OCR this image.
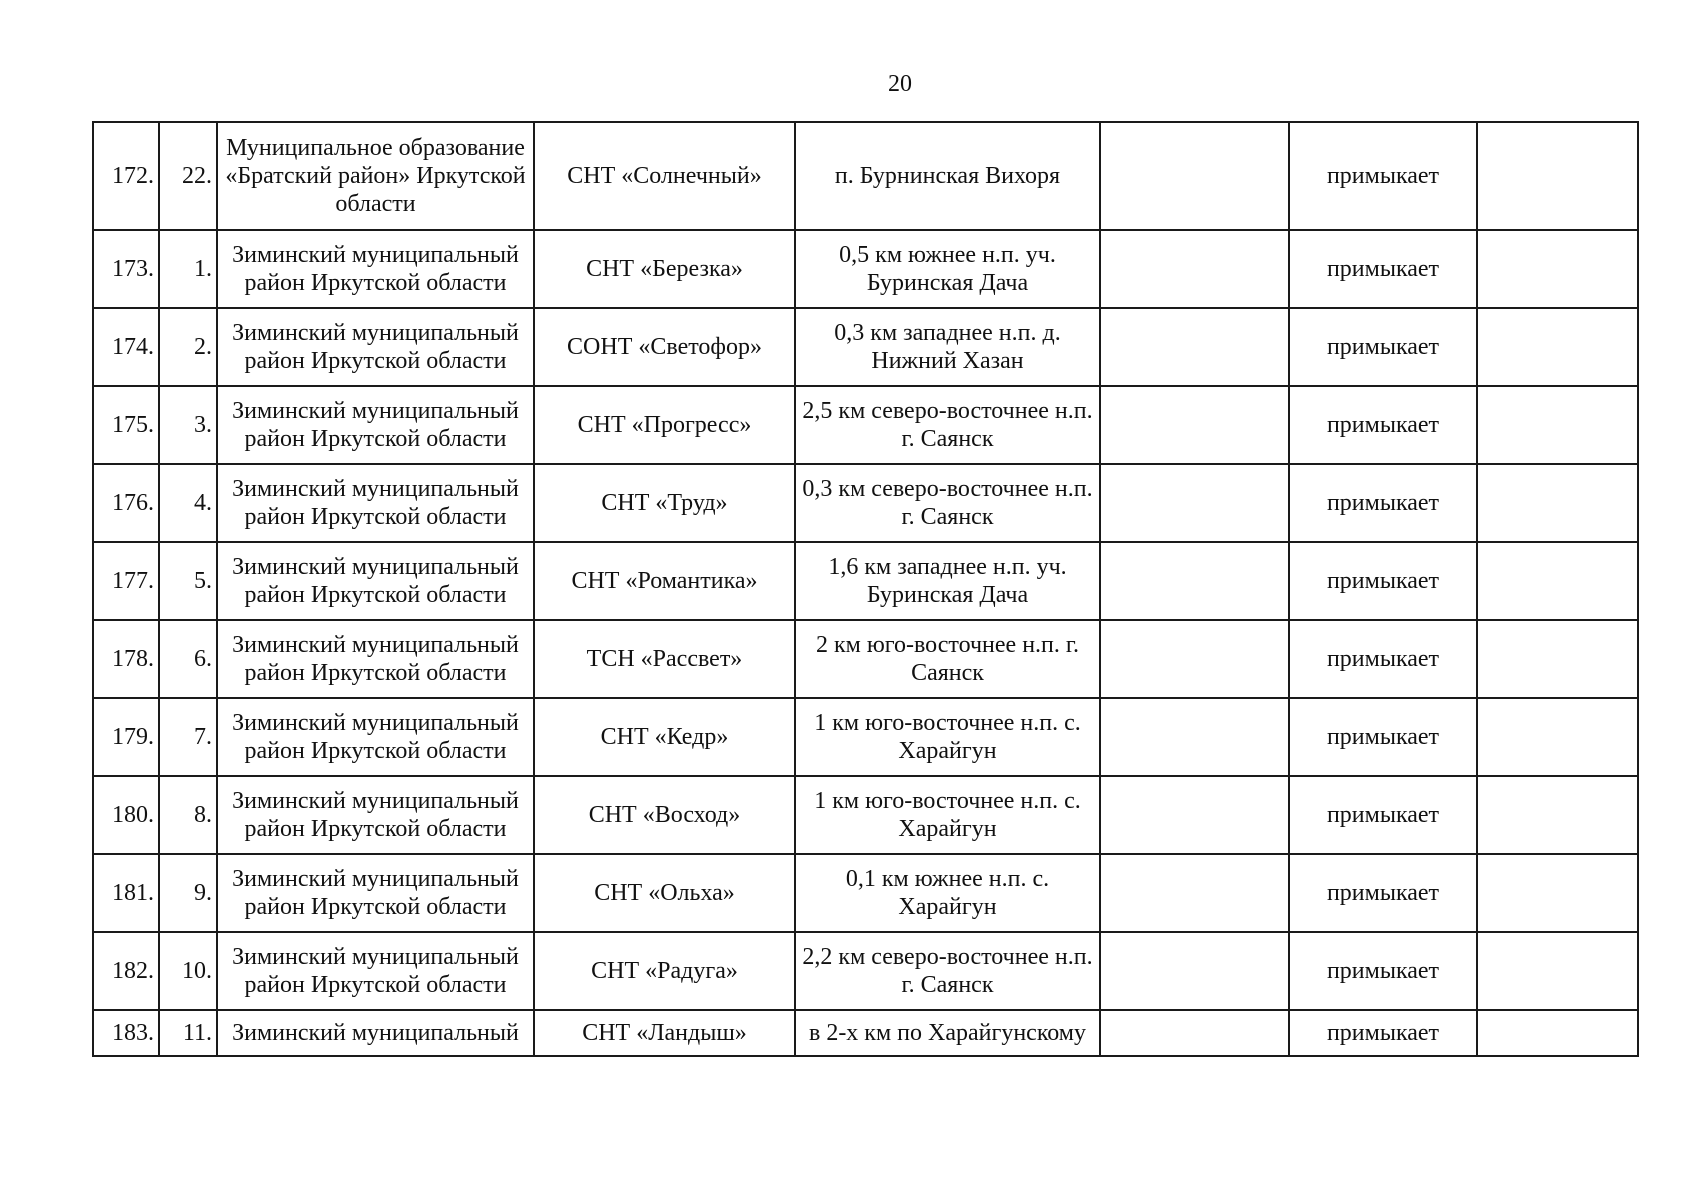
20
172.	22.	Муниципальное образование «Братский район» Иркутской области	СНТ «Солнечный»	п. Бурнинская Вихоря		примыкает	
173.	1.	Зиминский муниципальный район Иркутской области	СНТ «Березка»	0,5 км южнее н.п. уч. Буринская Дача		примыкает	
174.	2.	Зиминский муниципальный район Иркутской области	СОНТ «Светофор»	0,3 км западнее н.п. д. Нижний Хазан		примыкает	
175.	3.	Зиминский муниципальный район Иркутской области	СНТ «Прогресс»	2,5 км северо-восточнее н.п. г. Саянск		примыкает	
176.	4.	Зиминский муниципальный район Иркутской области	СНТ «Труд»	0,3 км северо-восточнее н.п. г. Саянск		примыкает	
177.	5.	Зиминский муниципальный район Иркутской области	СНТ «Романтика»	1,6 км западнее н.п. уч. Буринская Дача		примыкает	
178.	6.	Зиминский муниципальный район Иркутской области	ТСН «Рассвет»	2 км юго-восточнее н.п. г. Саянск		примыкает	
179.	7.	Зиминский муниципальный район Иркутской области	СНТ «Кедр»	1 км юго-восточнее н.п. с. Харайгун		примыкает	
180.	8.	Зиминский муниципальный район Иркутской области	СНТ «Восход»	1 км юго-восточнее н.п. с. Харайгун		примыкает	
181.	9.	Зиминский муниципальный район Иркутской области	СНТ «Ольха»	0,1 км южнее н.п. с. Харайгун		примыкает	
182.	10.	Зиминский муниципальный район Иркутской области	СНТ «Радуга»	2,2 км северо-восточнее н.п. г. Саянск		примыкает	
183.	11.	Зиминский муниципальный	СНТ «Ландыш»	в 2-х км по Харайгунскому		примыкает	
